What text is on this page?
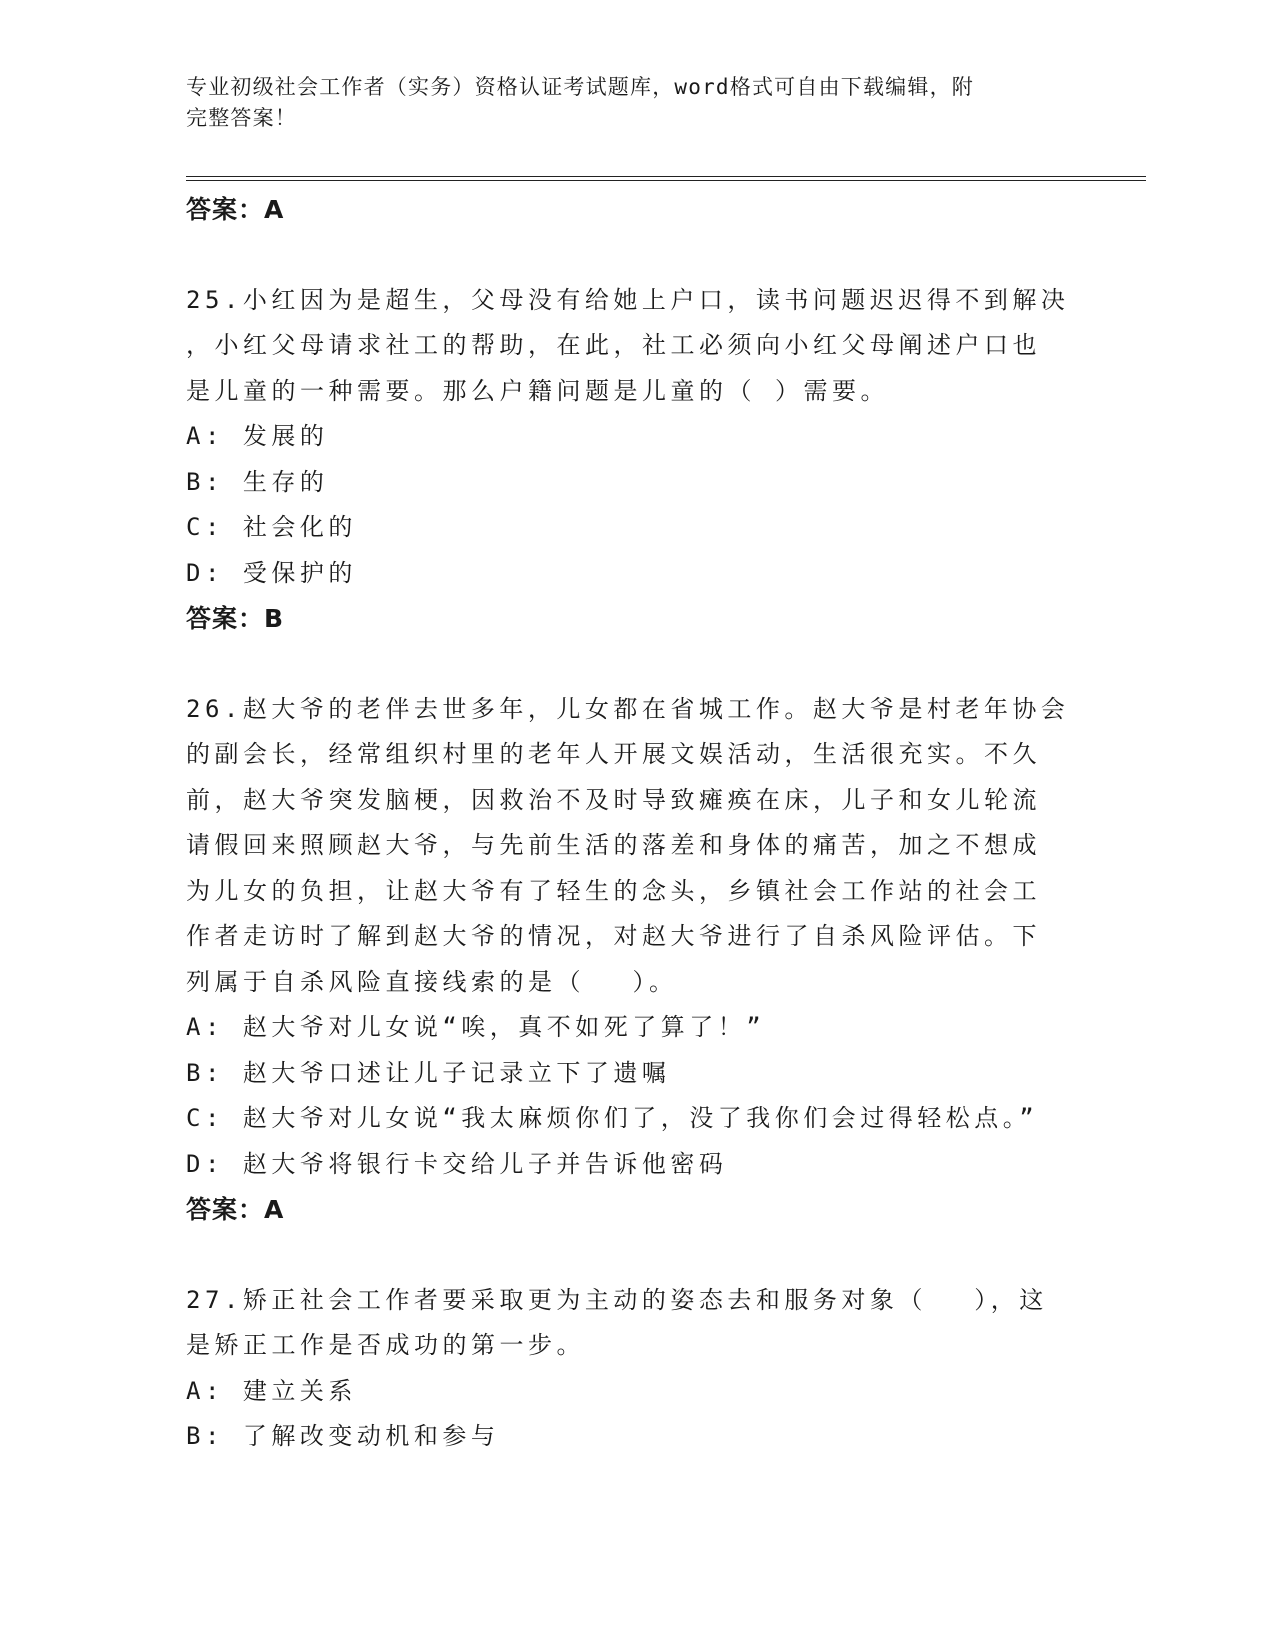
专业初级社会工作者（实务）资格认证考试题库，word格式可自由下载编辑，附
完整答案！
答案：A
25.小红因为是超生，父母没有给她上户口，读书问题迟迟得不到解决
，小红父母请求社工的帮助，在此，社工必须向小红父母阐述户口也
是儿童的一种需要。那么户籍问题是儿童的（ ）需要。
A: 发展的
B: 生存的
C: 社会化的
D: 受保护的
答案：B
26.赵大爷的老伴去世多年，儿女都在省城工作。赵大爷是村老年协会
的副会长，经常组织村里的老年人开展文娱活动，生活很充实。不久
前，赵大爷突发脑梗，因救治不及时导致瘫痪在床，儿子和女儿轮流
请假回来照顾赵大爷，与先前生活的落差和身体的痛苦，加之不想成
为儿女的负担，让赵大爷有了轻生的念头，乡镇社会工作站的社会工
作者走访时了解到赵大爷的情况，对赵大爷进行了自杀风险评估。下
列属于自杀风险直接线索的是（　 ）。
A: 赵大爷对儿女说“唉，真不如死了算了！”
B: 赵大爷口述让儿子记录立下了遗嘱
C: 赵大爷对儿女说“我太麻烦你们了，没了我你们会过得轻松点。”
D: 赵大爷将银行卡交给儿子并告诉他密码
答案：A
27.矫正社会工作者要采取更为主动的姿态去和服务对象（　 ），这
是矫正工作是否成功的第一步。
A: 建立关系
B: 了解改变动机和参与
